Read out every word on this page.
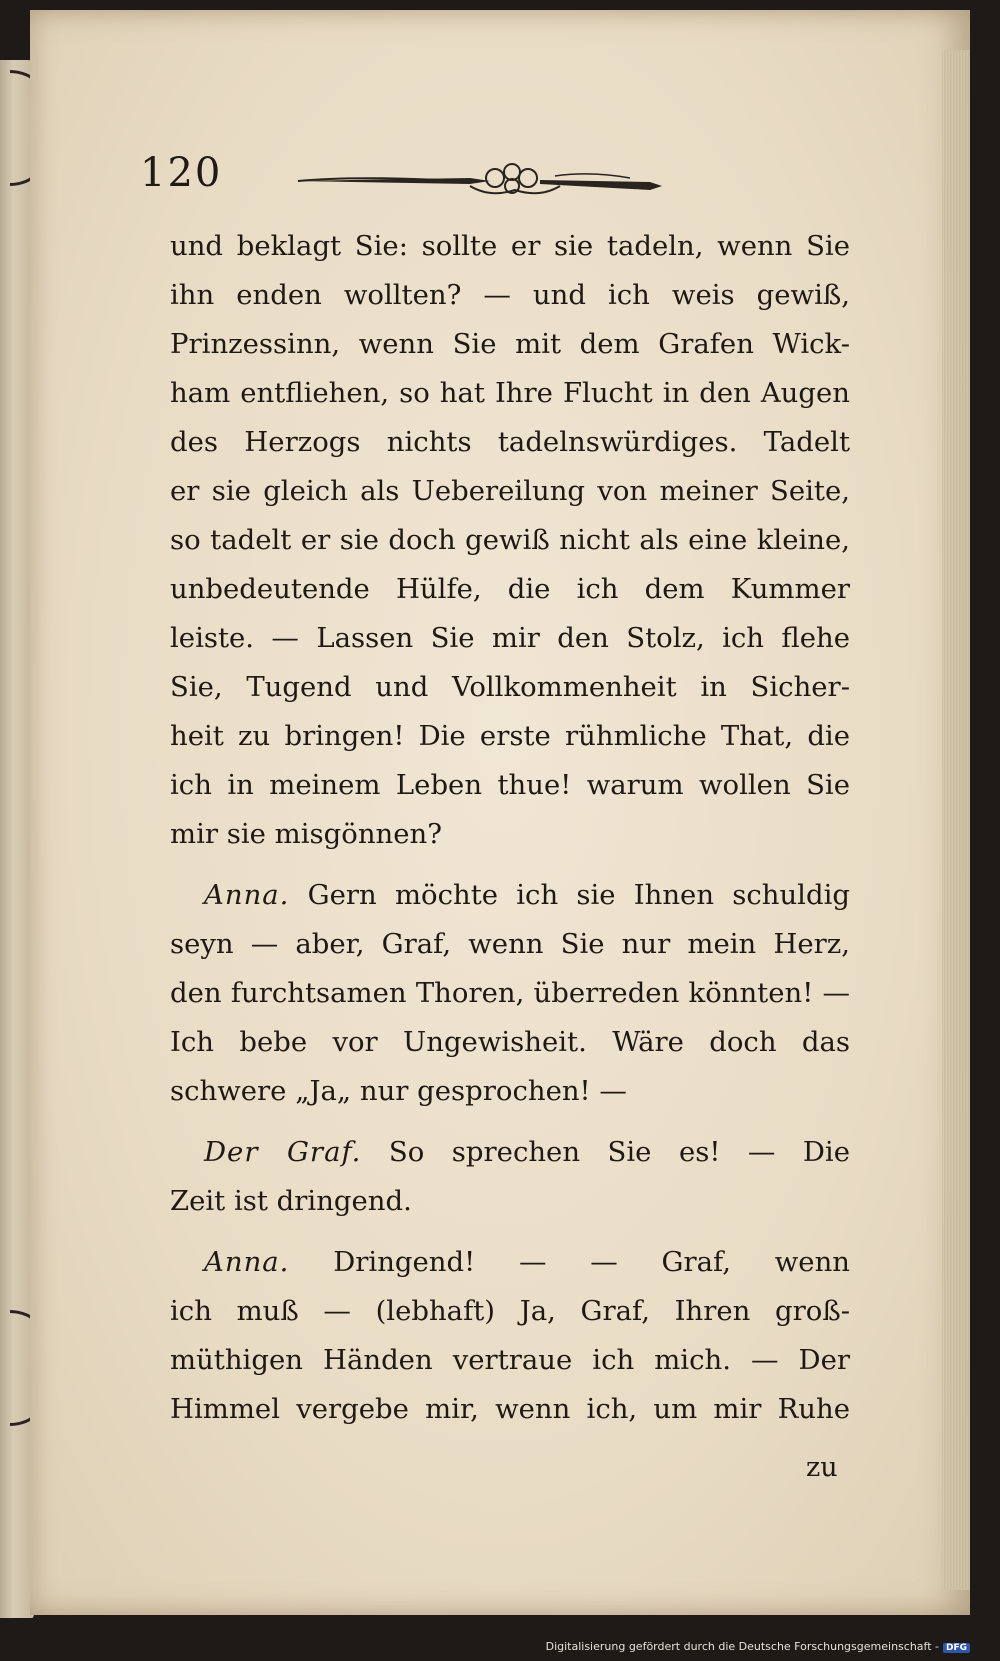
120
und beklagt Sie: sollte er sie tadeln, wenn Sie
ihn enden wollten? — und ich weis gewiß,
Prinzessinn, wenn Sie mit dem Grafen Wick-
ham entfliehen, so hat Ihre Flucht in den Augen
des Herzogs nichts tadelnswürdiges. Tadelt
er sie gleich als Uebereilung von meiner Seite,
so tadelt er sie doch gewiß nicht als eine kleine,
unbedeutende Hülfe, die ich dem Kummer
leiste. — Lassen Sie mir den Stolz, ich flehe
Sie, Tugend und Vollkommenheit in Sicher-
heit zu bringen! Die erste rühmliche That, die
ich in meinem Leben thue! warum wollen Sie
mir sie misgönnen?
Anna. Gern möchte ich sie Ihnen schuldig
seyn — aber, Graf, wenn Sie nur mein Herz,
den furchtsamen Thoren, überreden könnten! —
Ich bebe vor Ungewisheit. Wäre doch das
schwere „Ja„ nur gesprochen! —
Der Graf. So sprechen Sie es! — Die
Zeit ist dringend.
Anna. Dringend! — — Graf, wenn
ich muß — (lebhaft) Ja, Graf, Ihren groß-
müthigen Händen vertraue ich mich. — Der
Himmel vergebe mir, wenn ich, um mir Ruhe
zu
Digitalisierung gefördert durch die Deutsche Forschungsgemeinschaft - DFG
